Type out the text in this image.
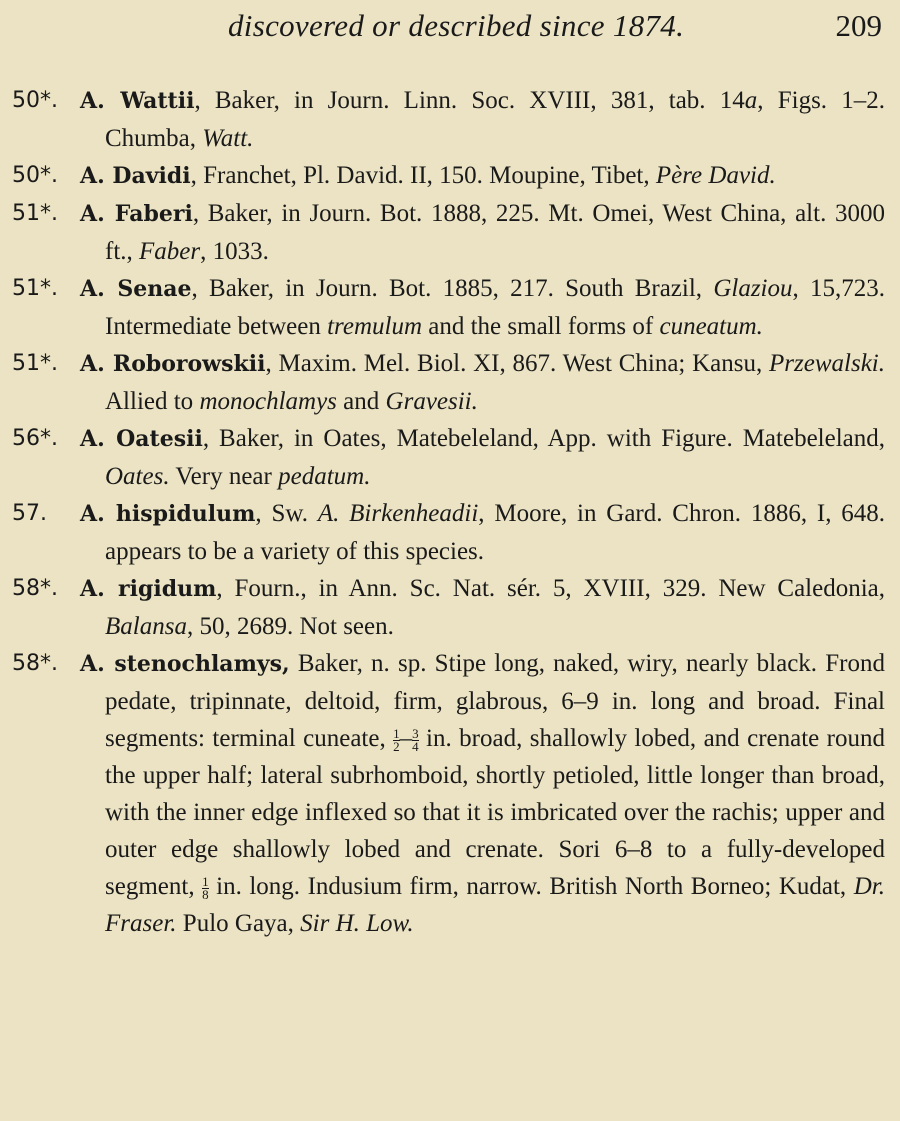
discovered or described since 1874.	209
50*. A. Wattii, Baker, in Journ. Linn. Soc. XVIII, 381, tab. 14a, Figs. 1–2. Chumba, Watt.
50*. A. Davidi, Franchet, Pl. David. II, 150. Moupine, Tibet, Père David.
51*. A. Faberi, Baker, in Journ. Bot. 1888, 225. Mt. Omei, West China, alt. 3000 ft., Faber, 1033.
51*. A. Senae, Baker, in Journ. Bot. 1885, 217. South Brazil, Glaziou, 15,723. Intermediate between tremulum and the small forms of cuneatum.
51*. A. Roborowskii, Maxim. Mel. Biol. XI, 867. West China; Kansu, Przewalski. Allied to monochlamys and Gravesii.
56*. A. Oatesii, Baker, in Oates, Matebeleland, App. with Figure. Matebeleland, Oates. Very near pedatum.
57. A. hispidulum, Sw. A. Birkenheadii, Moore, in Gard. Chron. 1886, I, 648. appears to be a variety of this species.
58*. A. rigidum, Fourn., in Ann. Sc. Nat. sér. 5, XVIII, 329. New Caledonia, Balansa, 50, 2689. Not seen.
58*. A. stenochlamys, Baker, n. sp. Stipe long, naked, wiry, nearly black. Frond pedate, tripinnate, deltoid, firm, glabrous, 6–9 in. long and broad. Final segments: terminal cuneate, $\frac{1}{2} - \frac{3}{4}$ in. broad, shallowly lobed, and crenate round the upper half; lateral subrhomboid, shortly petioled, little longer than broad, with the inner edge inflexed so that it is imbricated over the rachis; upper and outer edge shallowly lobed and crenate. Sori 6–8 to a fully-developed segment, $\frac{1}{8}$ in. long. Indusium firm, narrow. British North Borneo; Kudat, Dr. Fraser. Pulo Gaya, Sir H. Low.
